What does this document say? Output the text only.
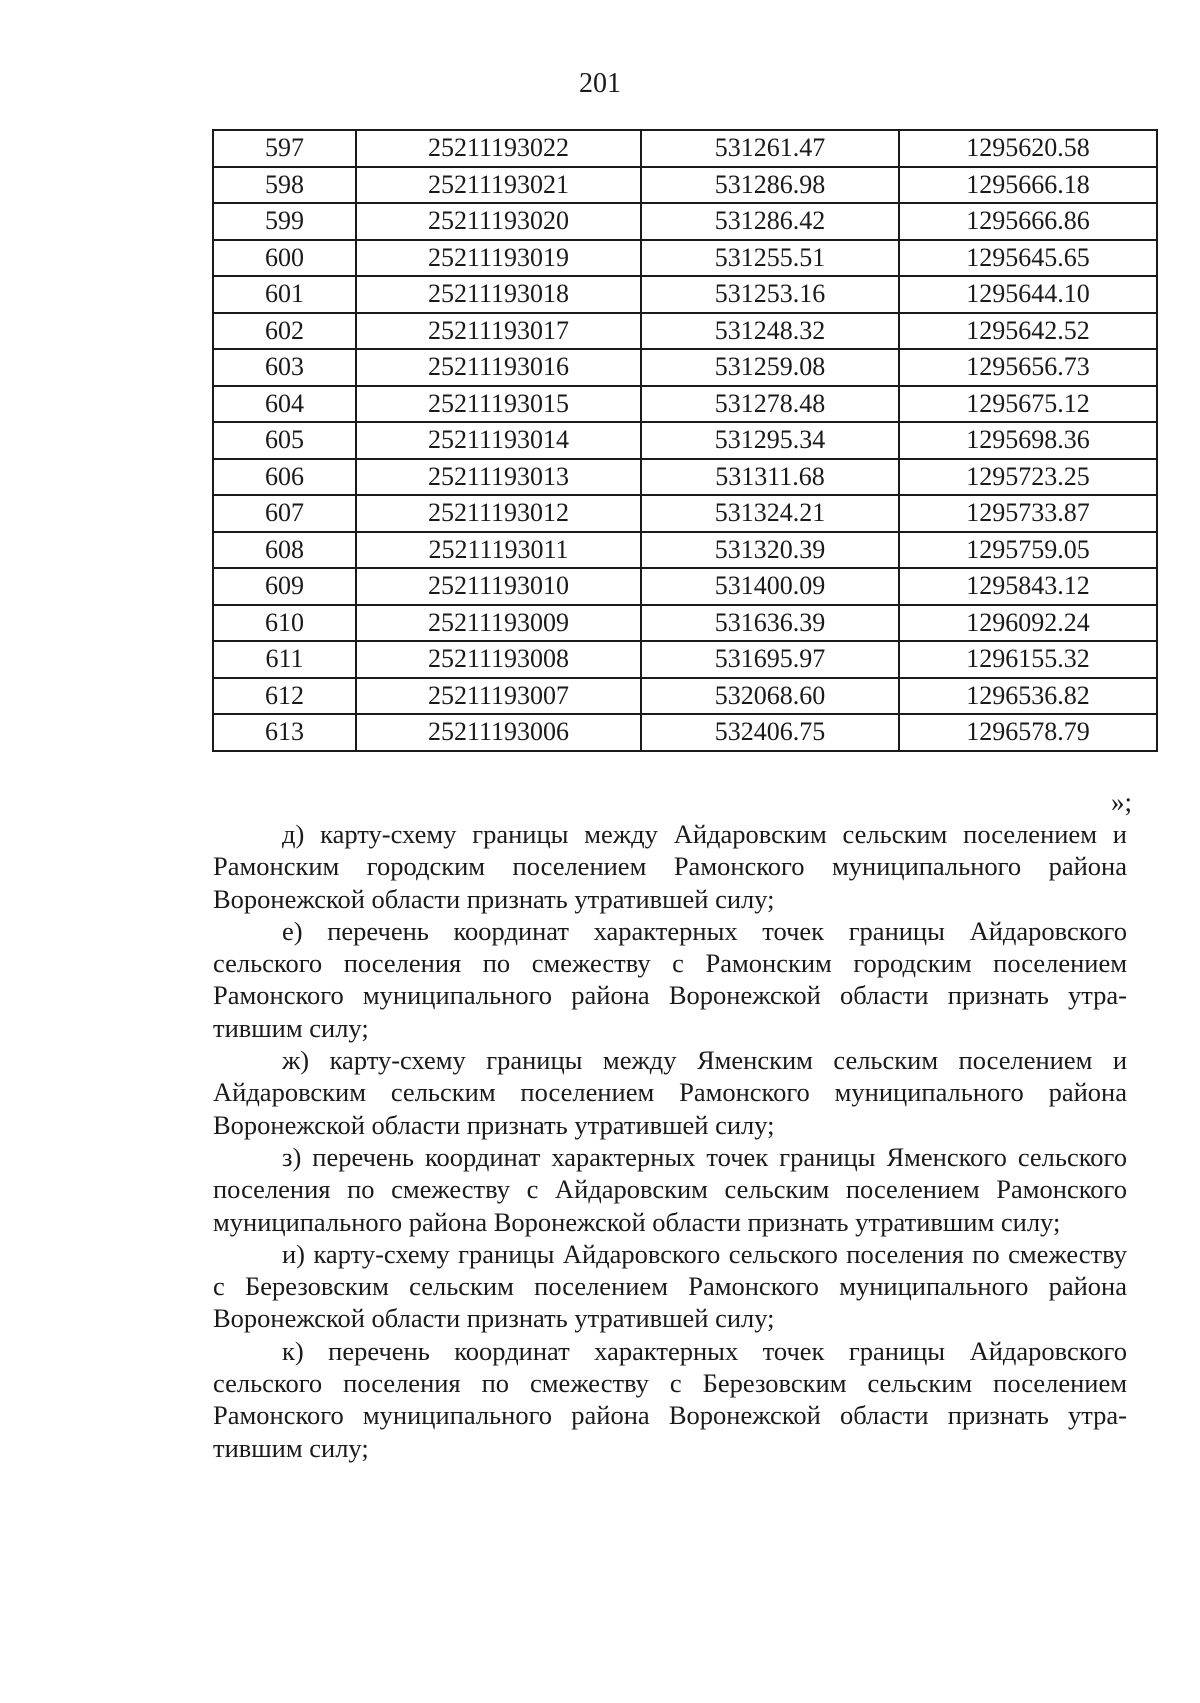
201
597	25211193022	531261.47	1295620.58
598	25211193021	531286.98	1295666.18
599	25211193020	531286.42	1295666.86
600	25211193019	531255.51	1295645.65
601	25211193018	531253.16	1295644.10
602	25211193017	531248.32	1295642.52
603	25211193016	531259.08	1295656.73
604	25211193015	531278.48	1295675.12
605	25211193014	531295.34	1295698.36
606	25211193013	531311.68	1295723.25
607	25211193012	531324.21	1295733.87
608	25211193011	531320.39	1295759.05
609	25211193010	531400.09	1295843.12
610	25211193009	531636.39	1296092.24
611	25211193008	531695.97	1296155.32
612	25211193007	532068.60	1296536.82
613	25211193006	532406.75	1296578.79
»;

д) карту-схему границы между Айдаровским сельским поселением и Рамонским городским поселением Рамонского муниципального района Воронежской области признать утратившей силу;

е) перечень координат характерных точек границы Айдаровского сельского поселения по смежеству с Рамонским городским поселением Рамонского муниципального района Воронежской области признать утратившим силу;

ж) карту-схему границы между Яменским сельским поселением и Айдаровским сельским поселением Рамонского муниципального района Воронежской области признать утратившей силу;

з) перечень координат характерных точек границы Яменского сельского поселения по смежеству с Айдаровским сельским поселением Рамонского муниципального района Воронежской области признать утратившим силу;

и) карту-схему границы Айдаровского сельского поселения по смежеству с Березовским сельским поселением Рамонского муниципального района Воронежской области признать утратившей силу;

к) перечень координат характерных точек границы Айдаровского сельского поселения по смежеству с Березовским сельским поселением Рамонского муниципального района Воронежской области признать утратившим силу;
